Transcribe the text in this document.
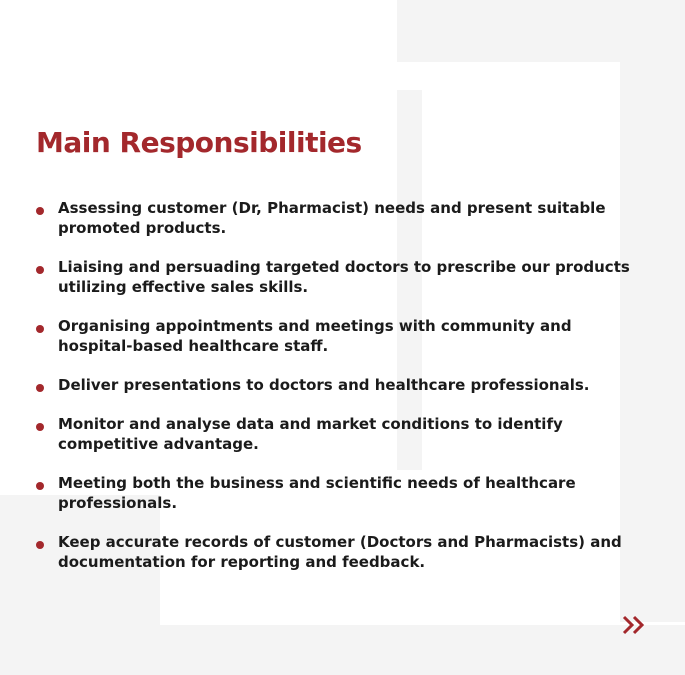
Main Responsibilities
Assessing customer (Dr, Pharmacist) needs and present suitable promoted products.
Liaising and persuading targeted doctors to prescribe our products utilizing effective sales skills.
Organising appointments and meetings with community and hospital-based healthcare staff.
Deliver presentations to doctors and healthcare professionals.
Monitor and analyse data and market conditions to identify competitive advantage.
Meeting both the business and scientific needs of healthcare professionals.
Keep accurate records of customer (Doctors and Pharmacists) and documentation for reporting and feedback.
